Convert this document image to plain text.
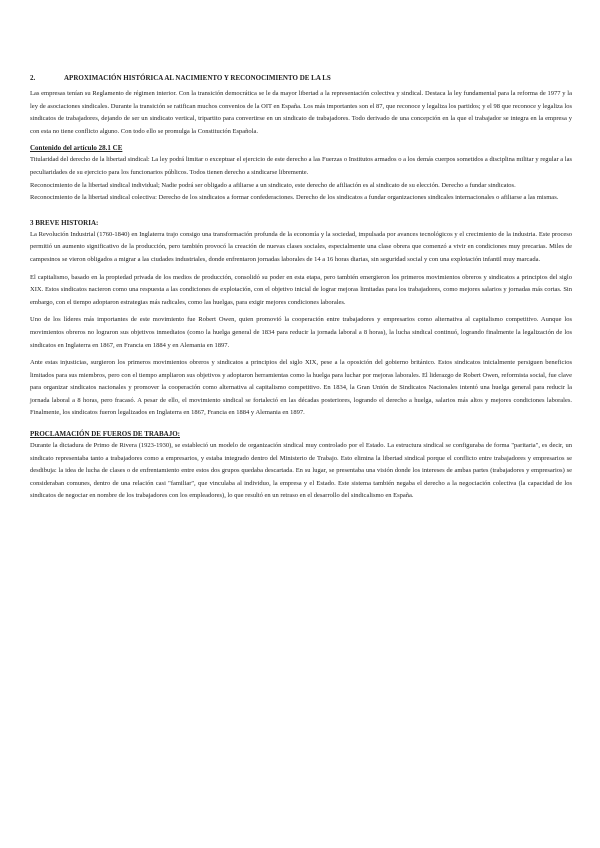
2.	APROXIMACIÓN HISTÓRICA AL NACIMIENTO Y RECONOCIMIENTO DE LA LS

Las empresas tenían su Reglamento de régimen interior. Con la transición democrática se le da mayor libertad a la representación colectiva y sindical. Destaca la ley fundamental para la reforma de 1977 y la ley de asociaciones sindicales. Durante la transición se ratifican muchos convenios de la OIT en España. Los más importantes son el 87, que reconoce y legaliza los partidos; y el 98 que reconoce y legaliza los sindicatos de trabajadores, dejando de ser un sindicato vertical, tripartito para convertirse en un sindicato de trabajadores. Todo derivado de una concepción en la que el trabajador se integra en la empresa y con esta no tiene conflicto alguno. Con todo ello se promulga la Constitución Española.

Contenido del artículo 28.1 CE

Titularidad del derecho de la libertad sindical: La ley podrá limitar o exceptuar el ejercicio de este derecho a las Fuerzas o Institutos armados o a los demás cuerpos sometidos a disciplina militar y regular a las peculiaridades de su ejercicio para los funcionarios públicos. Todos tienen derecho a sindicarse libremente.

Reconocimiento de la libertad sindical individual; Nadie podrá ser obligado a afiliarse a un sindicato, este derecho de afiliación es al sindicato de su elección. Derecho a fundar sindicatos.

Reconocimiento de la libertad sindical colectiva: Derecho de los sindicatos a formar confederaciones. Derecho de los sindicatos a fundar organizaciones sindicales internacionales o afiliarse a las mismas.

3 BREVE HISTORIA:

La Revolución Industrial (1760-1840) en Inglaterra trajo consigo una transformación profunda de la economía y la sociedad, impulsada por avances tecnológicos y el crecimiento de la industria. Este proceso permitió un aumento significativo de la producción, pero también provocó la creación de nuevas clases sociales, especialmente una clase obrera que comenzó a vivir en condiciones muy precarias. Miles de campesinos se vieron obligados a migrar a las ciudades industriales, donde enfrentaron jornadas laborales de 14 a 16 horas diarias, sin seguridad social y con una explotación infantil muy marcada.

El capitalismo, basado en la propiedad privada de los medios de producción, consolidó su poder en esta etapa, pero también emergieron los primeros movimientos obreros y sindicatos a principios del siglo XIX. Estos sindicatos nacieron como una respuesta a las condiciones de explotación, con el objetivo inicial de lograr mejoras limitadas para los trabajadores, como mejores salarios y jornadas más cortas. Sin embargo, con el tiempo adoptaron estrategias más radicales, como las huelgas, para exigir mejores condiciones laborales.

Uno de los líderes más importantes de este movimiento fue Robert Owen, quien promovió la cooperación entre trabajadores y empresarios como alternativa al capitalismo competitivo. Aunque los movimientos obreros no lograron sus objetivos inmediatos (como la huelga general de 1834 para reducir la jornada laboral a 8 horas), la lucha sindical continuó, logrando finalmente la legalización de los sindicatos en Inglaterra en 1867, en Francia en 1884 y en Alemania en 1897.

Ante estas injusticias, surgieron los primeros movimientos obreros y sindicatos a principios del siglo XIX, pese a la oposición del gobierno británico. Estos sindicatos inicialmente persiguen beneficios limitados para sus miembros, pero con el tiempo ampliaron sus objetivos y adoptaron herramientas como la huelga para luchar por mejoras laborales. El liderazgo de Robert Owen, reformista social, fue clave para organizar sindicatos nacionales y promover la cooperación como alternativa al capitalismo competitivo. En 1834, la Gran Unión de Sindicatos Nacionales intentó una huelga general para reducir la jornada laboral a 8 horas, pero fracasó. A pesar de ello, el movimiento sindical se fortaleció en las décadas posteriores, logrando el derecho a huelga, salarios más altos y mejores condiciones laborales. Finalmente, los sindicatos fueron legalizados en Inglaterra en 1867, Francia en 1884 y Alemania en 1897.

PROCLAMACIÓN DE FUEROS DE TRABAJO:

Durante la dictadura de Primo de Rivera (1923-1930), se estableció un modelo de organización sindical muy controlado por el Estado. La estructura sindical se configuraba de forma "paritaria", es decir, un sindicato representaba tanto a trabajadores como a empresarios, y estaba integrado dentro del Ministerio de Trabajo. Esto elimina la libertad sindical porque el conflicto entre trabajadores y empresarios se desdibuja: la idea de lucha de clases o de enfrentamiento entre estos dos grupos quedaba descartada. En su lugar, se presentaba una visión donde los intereses de ambas partes (trabajadores y empresarios) se consideraban comunes, dentro de una relación casi "familiar", que vinculaba al individuo, la empresa y el Estado. Este sistema también negaba el derecho a la negociación colectiva (la capacidad de los sindicatos de negociar en nombre de los trabajadores con los empleadores), lo que resultó en un retraso en el desarrollo del sindicalismo en España.
